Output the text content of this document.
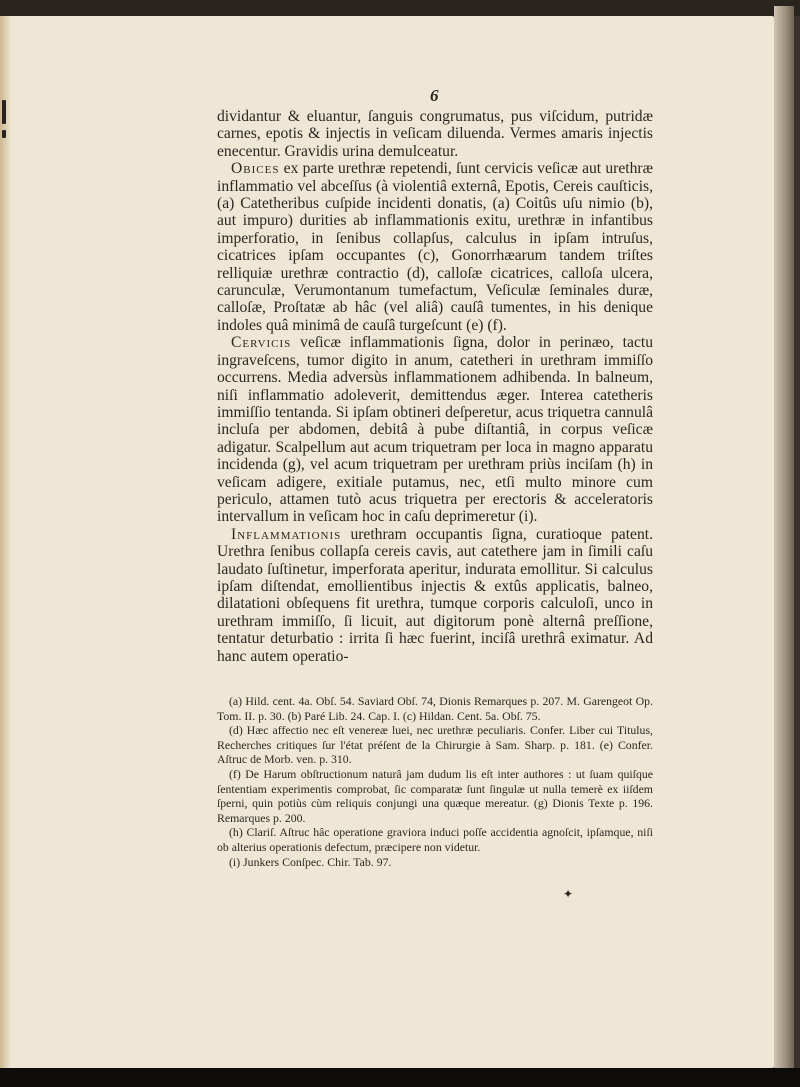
6

dividantur & eluantur, ſanguis congrumatus, pus viſcidum, putridæ carnes, epotis & injectis in veſicam diluenda. Vermes amaris injectis enecentur. Gravidis urina demulceatur.

Obices ex parte urethræ repetendi, ſunt cervicis veſicæ aut urethræ inflammatio vel abceſſus (à violentiâ externâ, Epotis, Cereis cauſticis, (a) Catetheribus cuſpide incidenti donatis, (a) Coitûs uſu nimio (b), aut impuro) durities ab inflammationis exitu, urethræ in infantibus imperforatio, in ſenibus collapſus, calculus in ipſam intruſus, cicatrices ipſam occupantes (c), Gonorrhæarum tandem triſtes relliquiæ urethræ contractio (d), calloſæ cicatrices, calloſa ulcera, carunculæ, Verumontanum tumefactum, Veſiculæ ſeminales duræ, calloſæ, Proſtatæ ab hâc (vel aliâ) cauſâ tumentes, in his denique indoles quâ minimâ de cauſâ turgeſcunt (e) (f).

Cervicis veſicæ inflammationis ſigna, dolor in perinæo, tactu ingraveſcens, tumor digito in anum, catetheri in urethram immiſſo occurrens. Media adversùs inflammationem adhibenda. In balneum, niſi inflammatio adoleverit, demittendus æger. Interea catetheris immiſſio tentanda. Si ipſam obtineri deſperetur, acus triquetra cannulâ incluſa per abdomen, debitâ à pube diſtantiâ, in corpus veſicæ adigatur. Scalpellum aut acum triquetram per loca in magno apparatu incidenda (g), vel acum triquetram per urethram priùs inciſam (h) in veſicam adigere, exitiale putamus, nec, etſi multo minore cum periculo, attamen tutò acus triquetra per erectoris & acceleratoris intervallum in veſicam hoc in caſu deprimeretur (i).

Inflammationis urethram occupantis ſigna, curatioque patent. Urethra ſenibus collapſa cereis cavis, aut catethere jam in ſimili caſu laudato ſuſtinetur, imperforata aperitur, indurata emollitur. Si calculus ipſam diſtendat, emollientibus injectis & extûs applicatis, balneo, dilatationi obſequens fit urethra, tumque corporis calculoſi, unco in urethram immiſſo, ſi licuit, aut digitorum ponè alternâ preſſione, tentatur deturbatio : irrita ſi hæc fuerint, inciſâ urethrâ eximatur. Ad hanc autem operatio-

(a) Hild. cent. 4a. Obſ. 54. Saviard Obſ. 74, Dionis Remarques p. 207. M. Garengeot Op. Tom. II. p. 30. (b) Paré Lib. 24. Cap. I. (c) Hildan. Cent. 5a. Obſ. 75.

(d) Hæc affectio nec eſt venereæ luei, nec urethræ peculiaris. Confer. Liber cui Titulus, Recherches critiques ſur l'état préſent de la Chirurgie à Sam. Sharp. p. 181. (e) Confer. Aſtruc de Morb. ven. p. 310.

(f) De Harum obſtructionum naturâ jam dudum lis eſt inter authores : ut ſuam quiſque ſententiam experimentis comprobat, ſic comparatæ ſunt ſingulæ ut nulla temerè ex iiſdem ſperni, quin potiùs cùm reliquis conjungi una quæque mereatur. (g) Dionis Texte p. 196. Remarques p. 200.

(h) Clariſ. Aſtruc hâc operatione graviora induci poſſe accidentia agnoſcit, ipſamque, niſi ob alterius operationis defectum, præcipere non videtur.

(i) Junkers Conſpec. Chir. Tab. 97.

✦
